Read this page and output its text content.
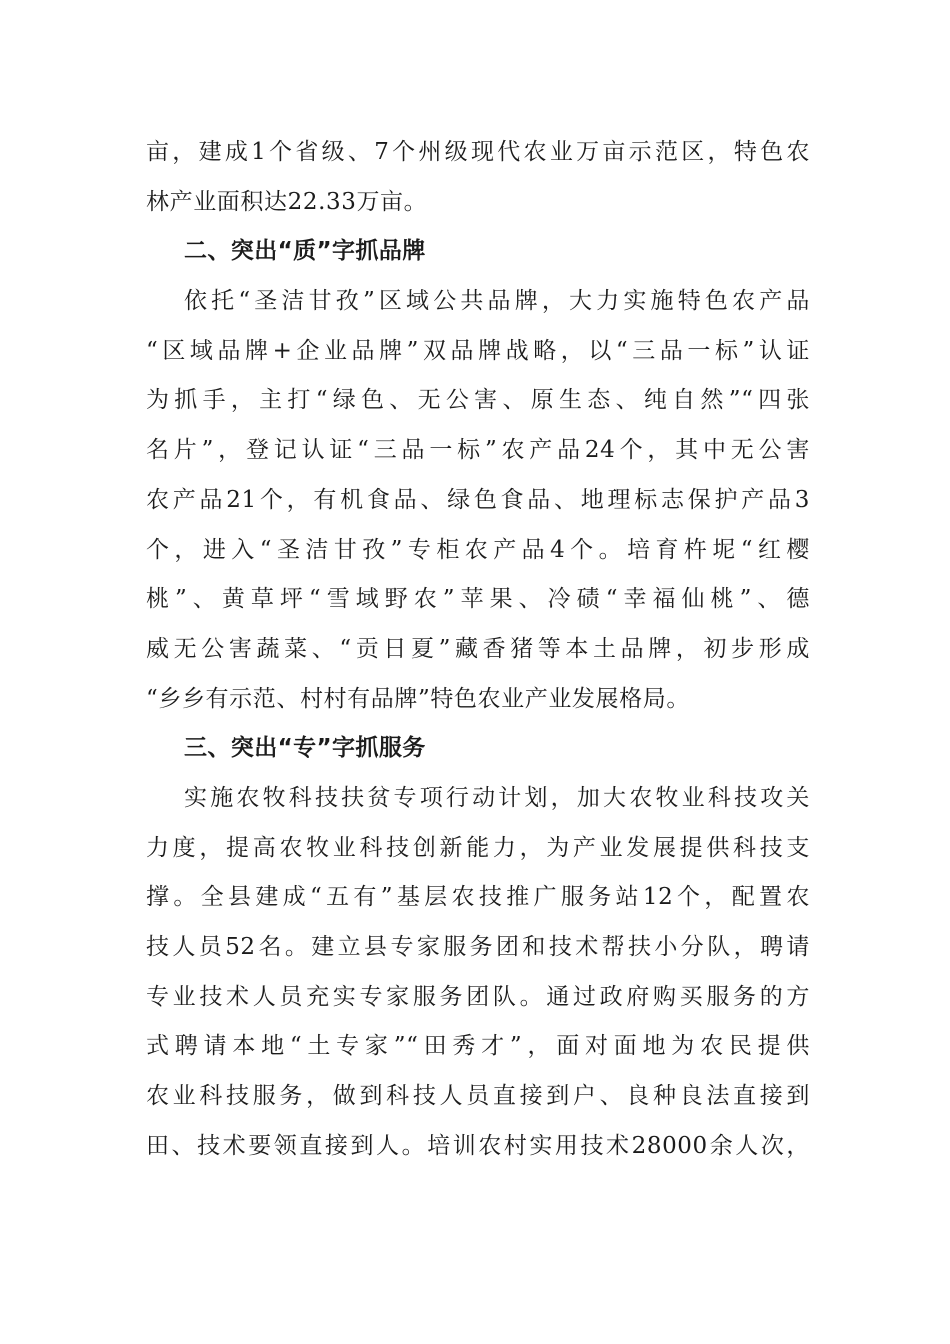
亩，建成1个省级、7个州级现代农业万亩示范区，特色农
林产业面积达22.33万亩。
二、突出“质”字抓品牌
依托“圣洁甘孜”区域公共品牌，大力实施特色农产品
“区域品牌+企业品牌”双品牌战略，以“三品一标”认证
为抓手，主打“绿色、无公害、原生态、纯自然”“四张
名片”，登记认证“三品一标”农产品24个，其中无公害
农产品21个，有机食品、绿色食品、地理标志保护产品3
个，进入“圣洁甘孜”专柜农产品4个。培育杵坭“红樱
桃”、黄草坪“雪域野农”苹果、冷碛“幸福仙桃”、德
威无公害蔬菜、“贡日夏”藏香猪等本土品牌，初步形成
“乡乡有示范、村村有品牌”特色农业产业发展格局。
三、突出“专”字抓服务
实施农牧科技扶贫专项行动计划，加大农牧业科技攻关
力度，提高农牧业科技创新能力，为产业发展提供科技支
撑。全县建成“五有”基层农技推广服务站12个，配置农
技人员52名。建立县专家服务团和技术帮扶小分队，聘请
专业技术人员充实专家服务团队。通过政府购买服务的方
式聘请本地“土专家”“田秀才”，面对面地为农民提供
农业科技服务，做到科技人员直接到户、良种良法直接到
田、技术要领直接到人。培训农村实用技术28000余人次，
